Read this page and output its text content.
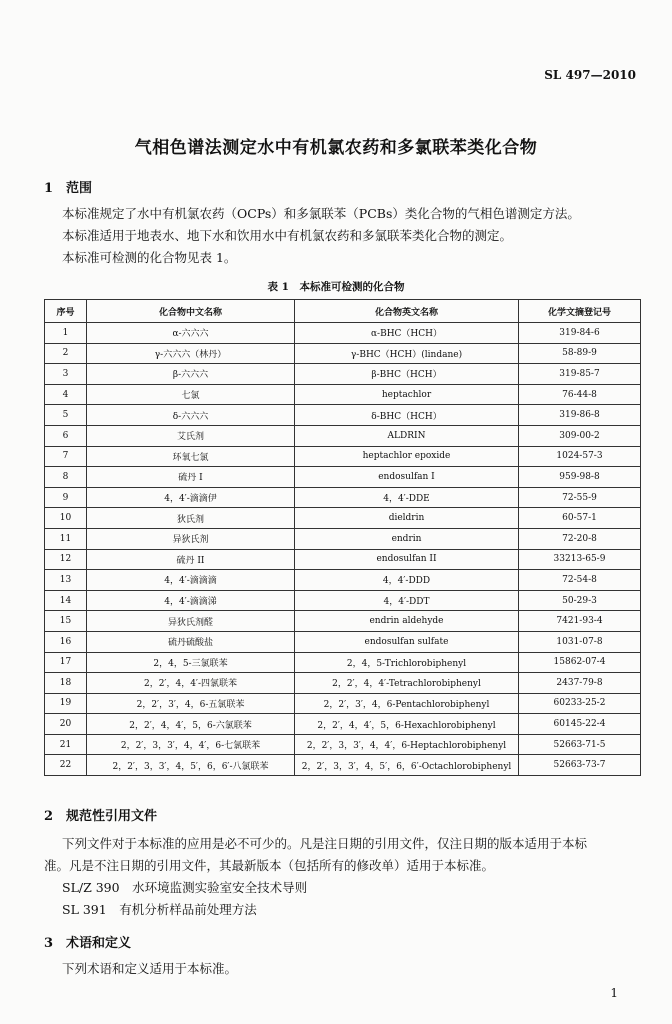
SL 497—2010
气相色谱法测定水中有机氯农药和多氯联苯类化合物
1 范围
本标准规定了水中有机氯农药（OCPs）和多氯联苯（PCBs）类化合物的气相色谱测定方法。
本标准适用于地表水、地下水和饮用水中有机氯农药和多氯联苯类化合物的测定。
本标准可检测的化合物见表 1。
表 1　本标准可检测的化合物
序号	化合物中文名称	化合物英文名称	化学文摘登记号
1	α-六六六	α-BHC（HCH）	319-84-6
2	γ-六六六（林丹）	γ-BHC（HCH）(lindane)	58-89-9
3	β-六六六	β-BHC（HCH）	319-85-7
4	七氯	heptachlor	76-44-8
5	δ-六六六	δ-BHC（HCH）	319-86-8
6	艾氏剂	ALDRIN	309-00-2
7	环氧七氯	heptachlor epoxide	1024-57-3
8	硫丹 I	endosulfan I	959-98-8
9	4，4′-滴滴伊	4，4′-DDE	72-55-9
10	狄氏剂	dieldrin	60-57-1
11	异狄氏剂	endrin	72-20-8
12	硫丹 II	endosulfan II	33213-65-9
13	4，4′-滴滴滴	4，4′-DDD	72-54-8
14	4，4′-滴滴涕	4，4′-DDT	50-29-3
15	异狄氏剂醛	endrin aldehyde	7421-93-4
16	硫丹硫酸盐	endosulfan sulfate	1031-07-8
17	2，4，5-三氯联苯	2，4，5-Trichlorobiphenyl	15862-07-4
18	2，2′，4，4′-四氯联苯	2，2′，4，4′-Tetrachlorobiphenyl	2437-79-8
19	2，2′，3′，4，6-五氯联苯	2，2′，3′，4，6-Pentachlorobiphenyl	60233-25-2
20	2，2′，4，4′，5，6-六氯联苯	2，2′，4，4′，5，6-Hexachlorobiphenyl	60145-22-4
21	2，2′，3，3′，4，4′，6-七氯联苯	2，2′，3，3′，4，4′，6-Heptachlorobiphenyl	52663-71-5
22	2，2′，3，3′，4，5′，6，6′-八氯联苯	2，2′，3，3′，4，5′，6，6′-Octachlorobiphenyl	52663-73-7
2 规范性引用文件
下列文件对于本标准的应用是必不可少的。凡是注日期的引用文件，仅注日期的版本适用于本标
准。凡是不注日期的引用文件，其最新版本（包括所有的修改单）适用于本标准。
SL/Z 390　水环境监测实验室安全技术导则
SL 391　有机分析样品前处理方法
3 术语和定义
下列术语和定义适用于本标准。
1
